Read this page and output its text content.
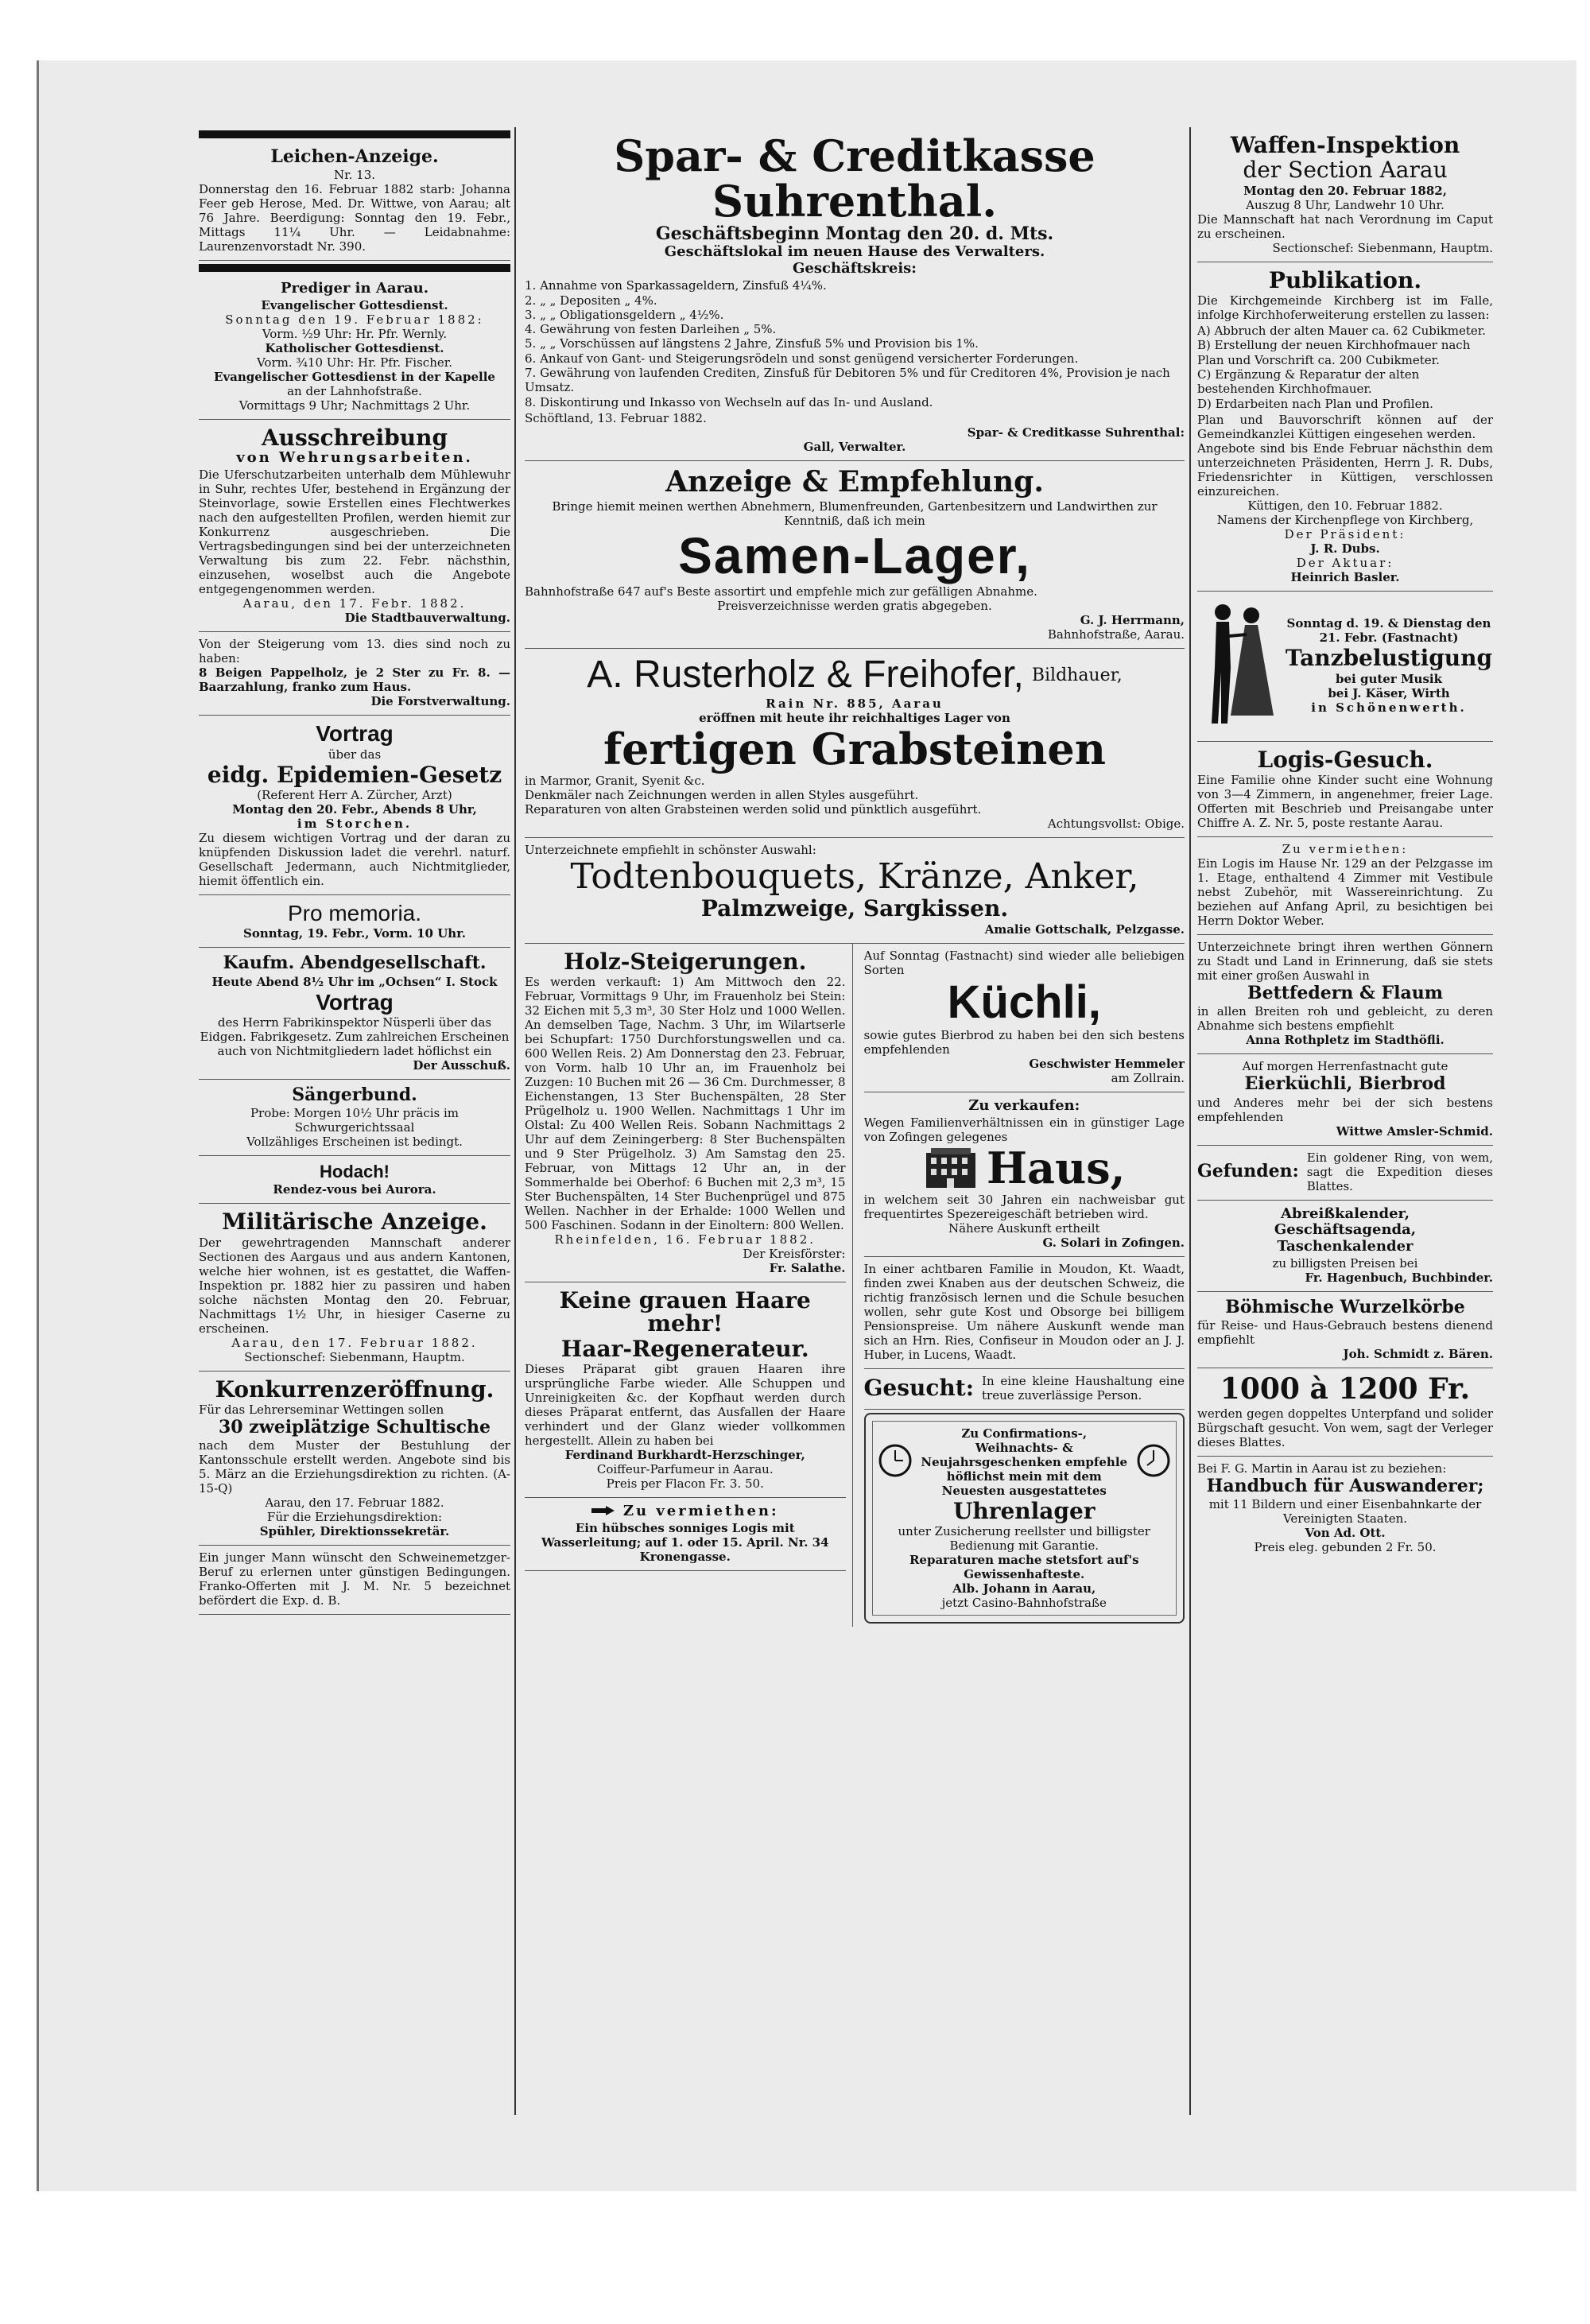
Leichen-Anzeige.
Nr. 13.

Donnerstag den 16. Februar 1882 starb: Johanna Feer geb Herose, Med. Dr. Wittwe, von Aarau; alt 76 Jahre. Beerdigung: Sonntag den 19. Febr., Mittags 11¼ Uhr. — Leidabnahme: Laurenzenvorstadt Nr. 390.

Prediger in Aarau.
Evangelischer Gottesdienst.
Sonntag den 19. Februar 1882:
Vorm. ½9 Uhr: Hr. Pfr. Wernly.
Katholischer Gottesdienst.
Vorm. ¾10 Uhr: Hr. Pfr. Fischer.
Evangelischer Gottesdienst in der Kapelle
an der Lahnhofstraße.
Vormittags 9 Uhr; Nachmittags 2 Uhr.
Ausschreibung
von Wehrungsarbeiten.

Die Uferschutzarbeiten unterhalb dem Mühlewuhr in Suhr, rechtes Ufer, bestehend in Ergänzung der Steinvorlage, sowie Erstellen eines Flechtwerkes nach den aufgestellten Profilen, werden hiemit zur Konkurrenz ausgeschrieben. Die Vertragsbedingungen sind bei der unterzeichneten Verwaltung bis zum 22. Febr. nächsthin, einzusehen, woselbst auch die Angebote entgegengenommen werden.

Aarau, den 17. Febr. 1882.
Die Stadtbauverwaltung.

Von der Steigerung vom 13. dies sind noch zu haben:

8 Beigen Pappelholz, je 2 Ster zu Fr. 8. — Baarzahlung, franko zum Haus.

Die Forstverwaltung.
Vortrag
über das
eidg. Epidemien-Gesetz
(Referent Herr A. Zürcher, Arzt)
Montag den 20. Febr., Abends 8 Uhr,
im Storchen.

Zu diesem wichtigen Vortrag und der daran zu knüpfenden Diskussion ladet die verehrl. naturf. Gesellschaft Jedermann, auch Nichtmitglieder, hiemit öffentlich ein.

Pro memoria.
Sonntag, 19. Febr., Vorm. 10 Uhr.
Kaufm. Abendgesellschaft.
Heute Abend 8½ Uhr im „Ochsen“ I. Stock
Vortrag

des Herrn Fabrikinspektor Nüsperli über das Eidgen. Fabrikgesetz. Zum zahlreichen Erscheinen auch von Nichtmitgliedern ladet höflichst ein

Der Ausschuß.
Sängerbund.

Probe: Morgen 10½ Uhr präcis im Schwurgerichtssaal

Vollzähliges Erscheinen ist bedingt.
Hodach!
Rendez-vous bei Aurora.
Militärische Anzeige.

Der gewehrtragenden Mannschaft anderer Sectionen des Aargaus und aus andern Kantonen, welche hier wohnen, ist es gestattet, die Waffen-Inspektion pr. 1882 hier zu passiren und haben solche nächsten Montag den 20. Februar, Nachmittags 1½ Uhr, in hiesiger Caserne zu erscheinen.

Aarau, den 17. Februar 1882.
Sectionschef: Siebenmann, Hauptm.
Konkurrenzeröffnung.

Für das Lehrerseminar Wettingen sollen

30 zweiplätzige Schultische

nach dem Muster der Bestuhlung der Kantonsschule erstellt werden. Angebote sind bis 5. März an die Erziehungsdirektion zu richten. (A-15-Q)

Aarau, den 17. Februar 1882.
Für die Erziehungsdirektion:
Spühler, Direktionssekretär.

Ein junger Mann wünscht den Schweinemetzger-Beruf zu erlernen unter günstigen Bedingungen. Franko-Offerten mit J. M. Nr. 5 bezeichnet befördert die Exp. d. B.

Spar- & Creditkasse Suhrenthal.
Geschäftsbeginn Montag den 20. d. Mts.
Geschäftslokal im neuen Hause des Verwalters.
Geschäftskreis:
1. Annahme von Sparkassageldern, Zinsfuß 4¼%.
2. „ „ Depositen „ 4%.
3. „ „ Obligationsgeldern „ 4½%.
4. Gewährung von festen Darleihen „ 5%.
5. „ „ Vorschüssen auf längstens 2 Jahre, Zinsfuß 5% und Provision bis 1%.
6. Ankauf von Gant- und Steigerungsrödeln und sonst genügend versicherter Forderungen.
7. Gewährung von laufenden Crediten, Zinsfuß für Debitoren 5% und für Creditoren 4%, Provision je nach Umsatz.
8. Diskontirung und Inkasso von Wechseln auf das In- und Ausland.
Schöftland, 13. Februar 1882.
Spar- & Creditkasse Suhrenthal:
Gall, Verwalter.
Anzeige & Empfehlung.

Bringe hiemit meinen werthen Abnehmern, Blumenfreunden, Gartenbesitzern und Landwirthen zur Kenntniß, daß ich mein

Samen-Lager,

Bahnhofstraße 647 auf's Beste assortirt und empfehle mich zur gefälligen Abnahme.

Preisverzeichnisse werden gratis abgegeben.

G. J. Herrmann,
Bahnhofstraße, Aarau.
A. Rusterholz & Freihofer, Bildhauer,
Rain Nr. 885, Aarau
eröffnen mit heute ihr reichhaltiges Lager von
fertigen Grabsteinen

in Marmor, Granit, Syenit &c.

Denkmäler nach Zeichnungen werden in allen Styles ausgeführt.

Reparaturen von alten Grabsteinen werden solid und pünktlich ausgeführt.

Achtungsvollst: Obige.

Unterzeichnete empfiehlt in schönster Auswahl:

Todtenbouquets, Kränze, Anker,
Palmzweige, Sargkissen.
Amalie Gottschalk, Pelzgasse.
Holz-Steigerungen.

Es werden verkauft: 1) Am Mittwoch den 22. Februar, Vormittags 9 Uhr, im Frauenholz bei Stein: 32 Eichen mit 5,3 m³, 30 Ster Holz und 1000 Wellen. An demselben Tage, Nachm. 3 Uhr, im Wilartserle bei Schupfart: 1750 Durchforstungswellen und ca. 600 Wellen Reis. 2) Am Donnerstag den 23. Februar, von Vorm. halb 10 Uhr an, im Frauenholz bei Zuzgen: 10 Buchen mit 26 — 36 Cm. Durchmesser, 8 Eichenstangen, 13 Ster Buchenspälten, 28 Ster Prügelholz u. 1900 Wellen. Nachmittags 1 Uhr im Olstal: Zu 400 Wellen Reis. Sobann Nachmittags 2 Uhr auf dem Zeiningerberg: 8 Ster Buchenspälten und 9 Ster Prügelholz. 3) Am Samstag den 25. Februar, von Mittags 12 Uhr an, in der Sommerhalde bei Oberhof: 6 Buchen mit 2,3 m³, 15 Ster Buchenspälten, 14 Ster Buchenprügel und 875 Wellen. Nachher in der Erhalde: 1000 Wellen und 500 Faschinen. Sodann in der Einoltern: 800 Wellen.

Rheinfelden, 16. Februar 1882.
Der Kreisförster:
Fr. Salathe.
Keine grauen Haare mehr!
Haar-Regenerateur.

Dieses Präparat gibt grauen Haaren ihre ursprüngliche Farbe wieder. Alle Schuppen und Unreinigkeiten &c. der Kopfhaut werden durch dieses Präparat entfernt, das Ausfallen der Haare verhindert und der Glanz wieder vollkommen hergestellt. Allein zu haben bei

Ferdinand Burkhardt-Herzschinger,
Coiffeur-Parfumeur in Aarau.
Preis per Flacon Fr. 3. 50.
Zu vermiethen:

Ein hübsches sonniges Logis mit Wasserleitung; auf 1. oder 15. April. Nr. 34 Kronengasse.

Auf Sonntag (Fastnacht) sind wieder alle beliebigen Sorten

Küchli,

sowie gutes Bierbrod zu haben bei den sich bestens empfehlenden

Geschwister Hemmeler
am Zollrain.
Zu verkaufen:

Wegen Familienverhältnissen ein in günstiger Lage von Zofingen gelegenes

Haus,

in welchem seit 30 Jahren ein nachweisbar gut frequentirtes Spezereigeschäft betrieben wird.

Nähere Auskunft ertheilt
G. Solari in Zofingen.

In einer achtbaren Familie in Moudon, Kt. Waadt, finden zwei Knaben aus der deutschen Schweiz, die richtig französisch lernen und die Schule besuchen wollen, sehr gute Kost und Obsorge bei billigem Pensionspreise. Um nähere Auskunft wende man sich an Hrn. Ries, Confiseur in Moudon oder an J. J. Huber, in Lucens, Waadt.

Gesucht: In eine kleine Haushaltung eine treue zuverlässige Person.

Zu Confirmations-, Weihnachts- & Neujahrsgeschenken empfehle höflichst mein mit dem Neuesten ausgestattetes

Uhrenlager

unter Zusicherung reellster und billigster Bedienung mit Garantie.

Reparaturen mache stetsfort auf's Gewissenhafteste.

Alb. Johann in Aarau,
jetzt Casino-Bahnhofstraße
Waffen-Inspektion
der Section Aarau
Montag den 20. Februar 1882,
Auszug 8 Uhr, Landwehr 10 Uhr.

Die Mannschaft hat nach Verordnung im Caput zu erscheinen.

Sectionschef: Siebenmann, Hauptm.
Publikation.

Die Kirchgemeinde Kirchberg ist im Falle, infolge Kirchhoferweiterung erstellen zu lassen:

A) Abbruch der alten Mauer ca. 62 Cubikmeter.
B) Erstellung der neuen Kirchhofmauer nach Plan und Vorschrift ca. 200 Cubikmeter.
C) Ergänzung & Reparatur der alten bestehenden Kirchhofmauer.
D) Erdarbeiten nach Plan und Profilen.

Plan und Bauvorschrift können auf der Gemeindkanzlei Küttigen eingesehen werden.

Angebote sind bis Ende Februar nächsthin dem unterzeichneten Präsidenten, Herrn J. R. Dubs, Friedensrichter in Küttigen, verschlossen einzureichen.

Küttigen, den 10. Februar 1882.
Namens der Kirchenpflege von Kirchberg,
Der Präsident:
J. R. Dubs.
Der Aktuar:
Heinrich Basler.
Sonntag d. 19. & Dienstag den 21. Febr. (Fastnacht)
Tanzbelustigung
bei guter Musik
bei J. Käser, Wirth
in Schönenwerth.
Logis-Gesuch.

Eine Familie ohne Kinder sucht eine Wohnung von 3—4 Zimmern, in angenehmer, freier Lage. Offerten mit Beschrieb und Preisangabe unter Chiffre A. Z. Nr. 5, poste restante Aarau.

Zu vermiethen:

Ein Logis im Hause Nr. 129 an der Pelzgasse im 1. Etage, enthaltend 4 Zimmer mit Vestibule nebst Zubehör, mit Wassereinrichtung. Zu beziehen auf Anfang April, zu besichtigen bei Herrn Doktor Weber.

Unterzeichnete bringt ihren werthen Gönnern zu Stadt und Land in Erinnerung, daß sie stets mit einer großen Auswahl in

Bettfedern & Flaum

in allen Breiten roh und gebleicht, zu deren Abnahme sich bestens empfiehlt

Anna Rothpletz im Stadthöfli.
Auf morgen Herrenfastnacht gute
Eierküchli, Bierbrod

und Anderes mehr bei der sich bestens empfehlenden

Wittwe Amsler-Schmid.
Gefunden:
Ein goldener Ring, von wem, sagt die Expedition dieses Blattes.
Abreißkalender,
Geschäftsagenda,
Taschenkalender
zu billigsten Preisen bei
Fr. Hagenbuch, Buchbinder.
Böhmische Wurzelkörbe

für Reise- und Haus-Gebrauch bestens dienend empfiehlt

Joh. Schmidt z. Bären.
1000 à 1200 Fr.

werden gegen doppeltes Unterpfand und solider Bürgschaft gesucht. Von wem, sagt der Verleger dieses Blattes.

Bei F. G. Martin in Aarau ist zu beziehen:

Handbuch für Auswanderer;

mit 11 Bildern und einer Eisenbahnkarte der Vereinigten Staaten.

Von Ad. Ott.
Preis eleg. gebunden 2 Fr. 50.
